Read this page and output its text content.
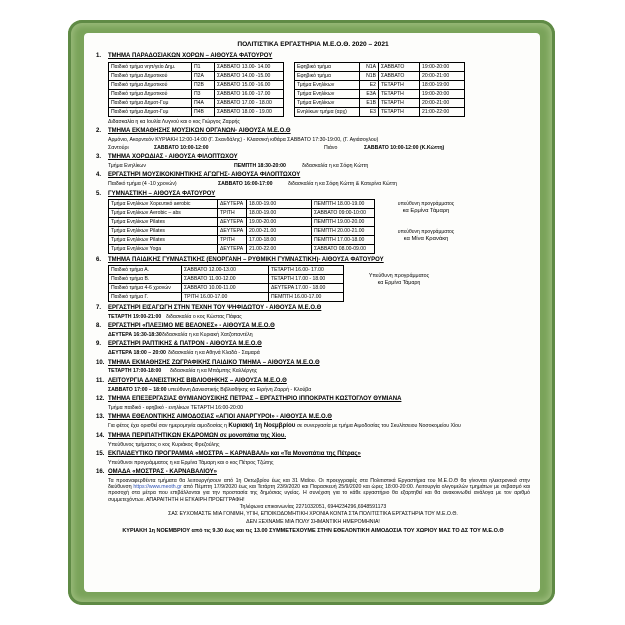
ΠΟΛΙΤΙΣΤΙΚΑ ΕΡΓΑΣΤΗΡΙΑ Μ.Ε.Ο.Θ. 2020 – 2021
1. ΤΜΗΜΑ ΠΑΡΑΔΟΣΙΑΚΩΝ ΧΟΡΩΝ – ΑΙΘΟΥΣΑ ΦΑΤΟΥΡΟΥ
Παιδικό τμήμα νηπ/γείο Δημ.	Π1	ΣΑΒΒΑΤΟ 13.00- 14.00
Παιδικό τμήμα Δημοτικού	Π2Α	ΣΑΒΒΑΤΟ 14.00 -15.00
Παιδικό τμήμα Δημοτικού	Π2Β	ΣΑΒΒΑΤΟ 15.00 -16.00
Παιδικό τμήμα Δημοτικού	Π3	ΣΑΒΒΑΤΟ 16.00 -17.00
Παιδικό τμήμα Δημοτ-Γυμ	Π4Α	ΣΑΒΒΑΤΟ 17.00 - 18.00
Παιδικό τμήμα Δημοτ-Γυμ	Π4Β	ΣΑΒΒΑΤΟ 18.00 - 19.00
Εφηβικό τμήμα	Ν1Α	ΣΑΒΒΑΤΟ	19:00-20:00
Εφηβικό τμήμα	Ν1Β	ΣΑΒΒΑΤΟ	20:00-21:00
Τμήμα Ενηλίκων	Ε2	ΤΕΤΑΡΤΗ	18:00-19:00
Τμήμα Ενηλίκων	Ε3Α	ΤΕΤΑΡΤΗ	19:00-20:00
Τμήμα Ενηλίκων	Ε1Β	ΤΕΤΑΡΤΗ	20:00-21:00
Ενηλίκων τμήμα (αρχ)	Ε3	ΤΕΤΑΡΤΗ	21:00-22:00
Διδασκαλία η κα Ιουλία Λυγνού και ο κος Γιώργος Ζαρρής
2. ΤΜΗΜΑ ΕΚΜΑΘΗΣΗΣ ΜΟΥΣΙΚΩΝ ΟΡΓΑΝΩΝ- ΑΙΘΟΥΣΑ Μ.Ε.Ο.Θ
Αρμόνιο, Ακορντεόν ΚΥΡΙΑΚΗ 12:00-14:00 (Γ. Σκανδάλης) - Κλασσική κιθάρα ΣΑΒΒΑΤΟ 17:30-19:00, (Γ. Αγιάσογλου)
Σαντούρι	ΣΑΒΒΑΤΟ 10:00-12:00	Πιάνο	ΣΑΒΒΑΤΟ 10:00-12:00 (Κ.Κώττη)
3. ΤΜΗΜΑ ΧΟΡΩΔΙΑΣ - ΑΙΘΟΥΣΑ ΦΙΛΟΠΤΩΧΟΥ
Τμήμα Ενηλίκων	ΠΕΜΠΤΗ 18:30-20:00	διδασκαλία η κα Σόφη Κώττη
4. ΕΡΓΑΣΤΗΡΙ ΜΟΥΣΙΚΟΚΙΝΗΤΙΚΗΣ ΑΓΩΓΗΣ- ΑΙΘΟΥΣΑ ΦΙΛΟΠΤΩΧΟΥ
Παιδικό τμήμα (4 -10 χρονών)	ΣΑΒΒΑΤΟ 16:00-17:00	διδασκαλία η κα Σόφη Κώττη & Κατερίνα Κώττη
5. ΓΥΜΝΑΣΤΙΚΗ – ΑΙΘΟΥΣΑ ΦΑΤΟΥΡΟΥ
Τμήμα Ενηλίκων Χορευτικό aerobic	ΔΕΥΤΕΡΑ	18.00-19.00	ΠΕΜΠΤΗ 18.00-19.00
Τμήμα Ενηλίκων Aerobic – abs	ΤΡΙΤΗ	18.00-19.00	ΣΑΒΒΑΤΟ 09:00-10:00
Τμήμα Ενηλίκων Pilates	ΔΕΥΤΕΡΑ	19.00-20.00	ΠΕΜΠΤΗ 19.00-20.00
Τμήμα Ενηλίκων Pilates	ΔΕΥΤΕΡΑ	20.00-21.00	ΠΕΜΠΤΗ 20.00-21.00
Τμήμα Ενηλίκων Pilates	ΤΡΙΤΗ	17.00-18.00	ΠΕΜΠΤΗ 17.00-18.00
Τμήμα Ενηλίκων Yoga	ΔΕΥΤΕΡΑ	21.00-22.00	ΣΑΒΒΑΤΟ 08.00-09.00
υπεύθυνη προγράμματος
κα Ερμίνα Τάμαρη
υπεύθυνη προγράμματος
κα Μίνα Κρανάκη
6. ΤΜΗΜΑ ΠΑΙΔΙΚΗΣ ΓΥΜΝΑΣΤΙΚΗΣ (ΕΝΟΡΓΑΝΗ – ΡΥΘΜΙΚΗ ΓΥΜΝΑΣΤΙΚΗ)- ΑΙΘΟΥΣΑ ΦΑΤΟΥΡΟΥ
Παιδικό τμήμα Α.	ΣΑΒΒΑΤΟ 12.00-13.00	ΤΕΤΑΡΤΗ 16.00- 17.00
Παιδικό τμήμα Β.	ΣΑΒΒΑΤΟ 11.00-12.00	ΤΕΤΑΡΤΗ 17.00 - 18.00
Παιδικό τμήμα 4-6 χρονών	ΣΑΒΒΑΤΟ 10.00-11.00	ΔΕΥΤΕΡΑ 17.00 - 18.00
Παιδικό τμήμα Γ.	ΤΡΙΤΗ 16.00-17.00	ΠΕΜΠΤΗ 16.00-17.00
Υπεύθυνη προγράμματος
κα Ερμίνα Τάμαρη
7. ΕΡΓΑΣΤΗΡΙ ΕΙΣΑΓΩΓΗ ΣΤΗΝ ΤΕΧΝΗ ΤΟΥ ΨΗΦΙΔΩΤΟΥ - ΑΙΘΟΥΣΑ Μ.Ε.Ο.Θ
ΤΕΤΑΡΤΗ 19:00-21:00 διδασκαλία ο κος Κώστας Πάφας
8. ΕΡΓΑΣΤΗΡΙ «ΠΛΕΞΙΜΟ ΜΕ ΒΕΛΟΝΕΣ» - ΑΙΘΟΥΣΑ Μ.Ε.Ο.Θ
ΔΕΥΤΕΡΑ 16:30-18:30διδασκαλία η κα Κυριακή Χατζοπαντέλη
9. ΕΡΓΑΣΤΗΡΙ ΡΑΠΤΙΚΗΣ & ΠΑΤΡΟΝ - ΑΙΘΟΥΣΑ Μ.Ε.Ο.Θ
ΔΕΥΤΕΡΑ 18:00 – 20:00 διδασκαλία η κα Αθηνά Κλαδά - Σαμαρά
10. ΤΜΗΜΑ ΕΚΜΑΘΗΣΗΣ ΖΩΓΡΑΦΙΚΗΣ ΠΑΙΔΙΚΟ ΤΜΗΜΑ – ΑΙΘΟΥΣΑ Μ.Ε.Ο.Θ
ΤΕΤΑΡΤΗ 17:00-18:00 διδασκαλία η κα Μπάμπης Καλλέργης
11. ΛΕΙΤΟΥΡΓΙΑ ΔΑΝΕΙΣΤΙΚΗΣ ΒΙΒΛΙΟΘΗΚΗΣ – ΑΙΘΟΥΣΑ Μ.Ε.Ο.Θ
ΣΑΒΒΑΤΟ 17:00 – 18:00υπεύθυνη Δανειστικής Βιβλιοθήκης κα Ειρήνη Ζαρρή - Κλούβα
12. ΤΜΗΜΑ ΕΠΕΞΕΡΓΑΣΙΑΣ ΘΥΜΙΑΝΟΥΣΙΚΗΣ ΠΕΤΡΑΣ – ΕΡΓΑΣΤΗΡΙΟ ΙΠΠΟΚΡΑΤΗ ΚΩΣΤΟΓΛΟΥ ΘΥΜΙΑΝΑ
Τμήμα παιδικό - εφηβικό - ενηλίκων ΤΕΤΑΡΤΗ 16:00-20:00
13. ΤΜΗΜΑ ΕΘΕΛΟΝΤΙΚΗΣ ΑΙΜΟΔΟΣΙΑΣ «ΑΓΙΟΙ ΑΝΑΡΓΥΡΟΙ» - ΑΙΘΟΥΣΑ Μ.Ε.Ο.Θ
Για φέτος έχει ορισθεί σαν ημερομηνία αιμοδοσίας η Κυριακή 1η Νοεμβρίου σε συνεργασία με τμήμα Αιμοδοσίας του Σκυλίτσειου Νοσοκομείου Χίου
14. ΤΜΗΜΑ ΠΕΡΙΠΑΤΗΤΙΚΩΝ ΕΚΔΡΟΜΩΝ σε μονοπάτια της Χίου.
Υπεύθυνος τμήματος ο κος Κυριάκος Φρεζούλης
15. ΕΚΠΑΙΔΕΥΤΙΚΟ ΠΡΟΓΡΑΜΜΑ «ΜΟΣΤΡΑ – ΚΑΡΝΑΒΑΛΙ» και «Τα Μονοπάτια της Πέτρας»
Υπεύθυνοι προγράμματος η κα Ερμίνα Τάμαρη και ο κος Πέτρος Τζώτης
16. ΟΜΑΔΑ «ΜΟΣΤΡΑΣ - ΚΑΡΝΑΒΑΛΙΟΥ»
Τα προαναφερθέντα τμήματα θα λειτουργήσουν από 1η Οκτωβρίου έως και 31 Μαΐου. Οι προεγγραφές στα Πολιτιστικά Εργαστήρια του Μ.Ε.Ο.Θ θα γίνονται ηλεκτρονικά στην διεύθυνση https://www.meoth.gr από Πέμπτη 17/9/2020 έως και Τετάρτη 23/9/2020 και Παρασκευή 25/9/2020 και ώρες 18:00-20:00. Λειτουργία ολιγομελών τμημάτων με σεβασμό και προσοχή στα μέτρα που επιβάλλονται για την προστασία της δημόσιας υγείας. Η συνέχιση για το κάθε εργαστήριο θα εξαρτηθεί και θα ανακοινωθεί ανάλογα με τον αριθμό συμμετεχόντων. ΑΠΑΡΑΙΤΗΤΗ Η ΕΓΚΑΙΡΗ ΠΡΟΕΓΓΡΑΦΗ!
Τηλέφωνα επικοινωνίας 2271032051, 6944234296,6948591173
ΣΑΣ ΕΥΧΟΜΑΣΤΕ ΜΙΑ ΓΟΝΙΜΗ, ΥΓΙΗ, ΕΠΟΙΚΟΔΟΜΗΤΙΚΗ ΧΡΟΝΙΑ ΚΟΝΤΑ ΣΤΑ ΠΟΛΙΤΙΣΤΙΚΑ ΕΡΓΑΣΤΗΡΙΑ ΤΟΥ Μ.Ε.Ο.Θ.
ΔΕΝ ΞΕΧΝΑΜΕ ΜΙΑ ΠΟΛΥ ΣΗΜΑΝΤΙΚΗ ΗΜΕΡΟΜΗΝΙΑ!
ΚΥΡΙΑΚΗ 1η ΝΟΕΜΒΡΙΟΥ από τις 9.30 έως και τις 13.00 ΣΥΜΜΕΤΕΧΟΥΜΕ ΣΤΗΝ ΕΘΕΛΟΝΤΙΚΗ ΑΙΜΟΔΟΣΙΑ ΤΟΥ ΧΩΡΙΟΥ ΜΑΣ ΤΟ ΔΣ ΤΟΥ Μ.Ε.Ο.Θ
